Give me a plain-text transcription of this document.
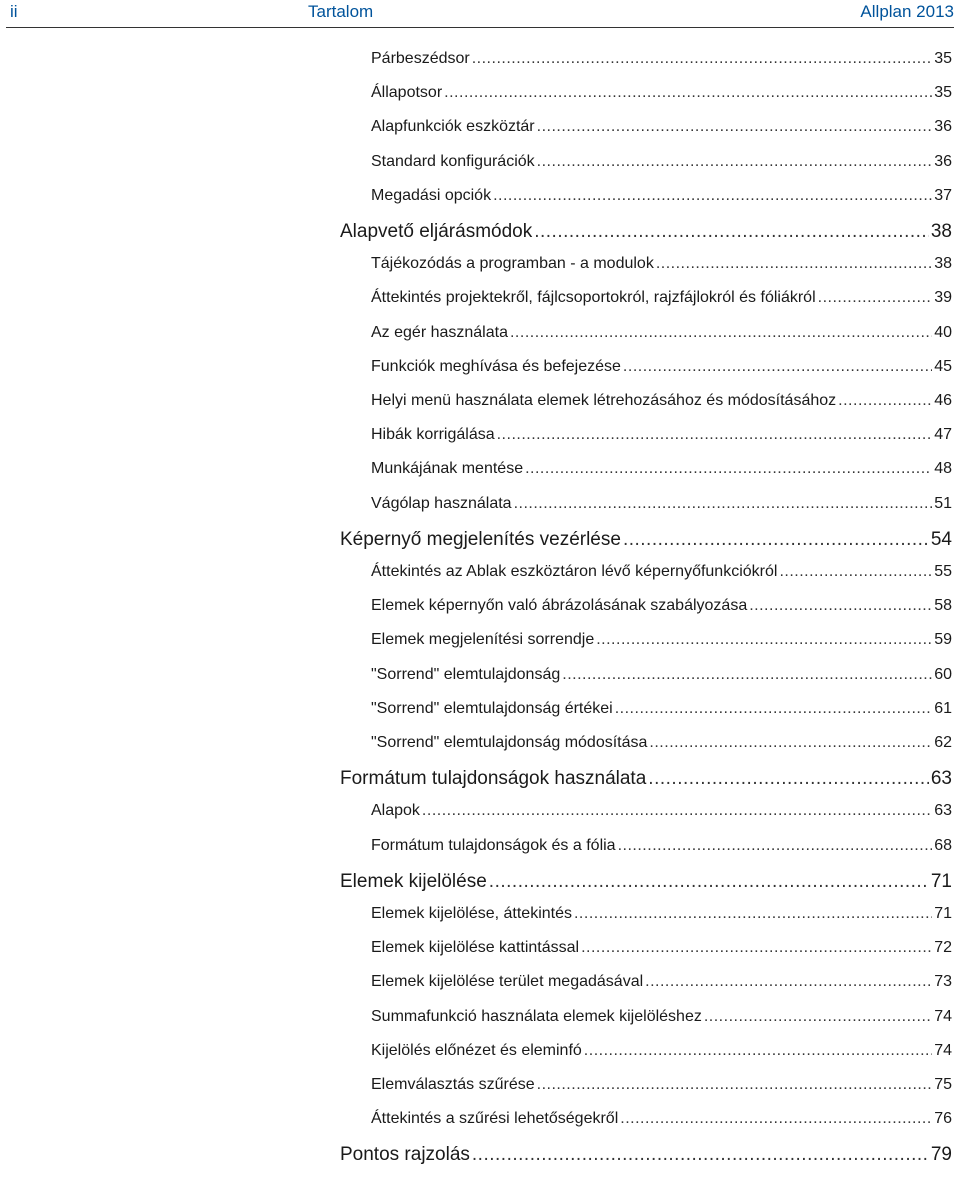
ii	Tartalom	Allplan 2013
Párbeszédsor .....	35
Állapotsor .....	35
Alapfunkciók eszköztár .....	36
Standard konfigurációk .....	36
Megadási opciók .....	37
Alapvető eljárásmódok .....	38
Tájékozódás a programban - a modulok .....	38
Áttekintés projektekről, fájlcsoportokról, rajzfájlokról és fóliákról .....	39
Az egér használata .....	40
Funkciók meghívása és befejezése .....	45
Helyi menü használata elemek létrehozásához és módosításához .....	46
Hibák korrigálása .....	47
Munkájának mentése .....	48
Vágólap használata .....	51
Képernyő megjelenítés vezérlése .....	54
Áttekintés az Ablak eszköztáron lévő képernyőfunkciókról .....	55
Elemek képernyőn való ábrázolásának szabályozása .....	58
Elemek megjelenítési sorrendje .....	59
"Sorrend" elemtulajdonság .....	60
"Sorrend" elemtulajdonság értékei .....	61
"Sorrend" elemtulajdonság módosítása .....	62
Formátum tulajdonságok használata .....	63
Alapok .....	63
Formátum tulajdonságok és a fólia .....	68
Elemek kijelölése .....	71
Elemek kijelölése, áttekintés .....	71
Elemek kijelölése kattintással .....	72
Elemek kijelölése terület megadásával .....	73
Summafunkció használata elemek kijelöléshez .....	74
Kijelölés előnézet és eleminfó .....	74
Elemválasztás szűrése .....	75
Áttekintés a szűrési lehetőségekről .....	76
Pontos rajzolás .....	79
